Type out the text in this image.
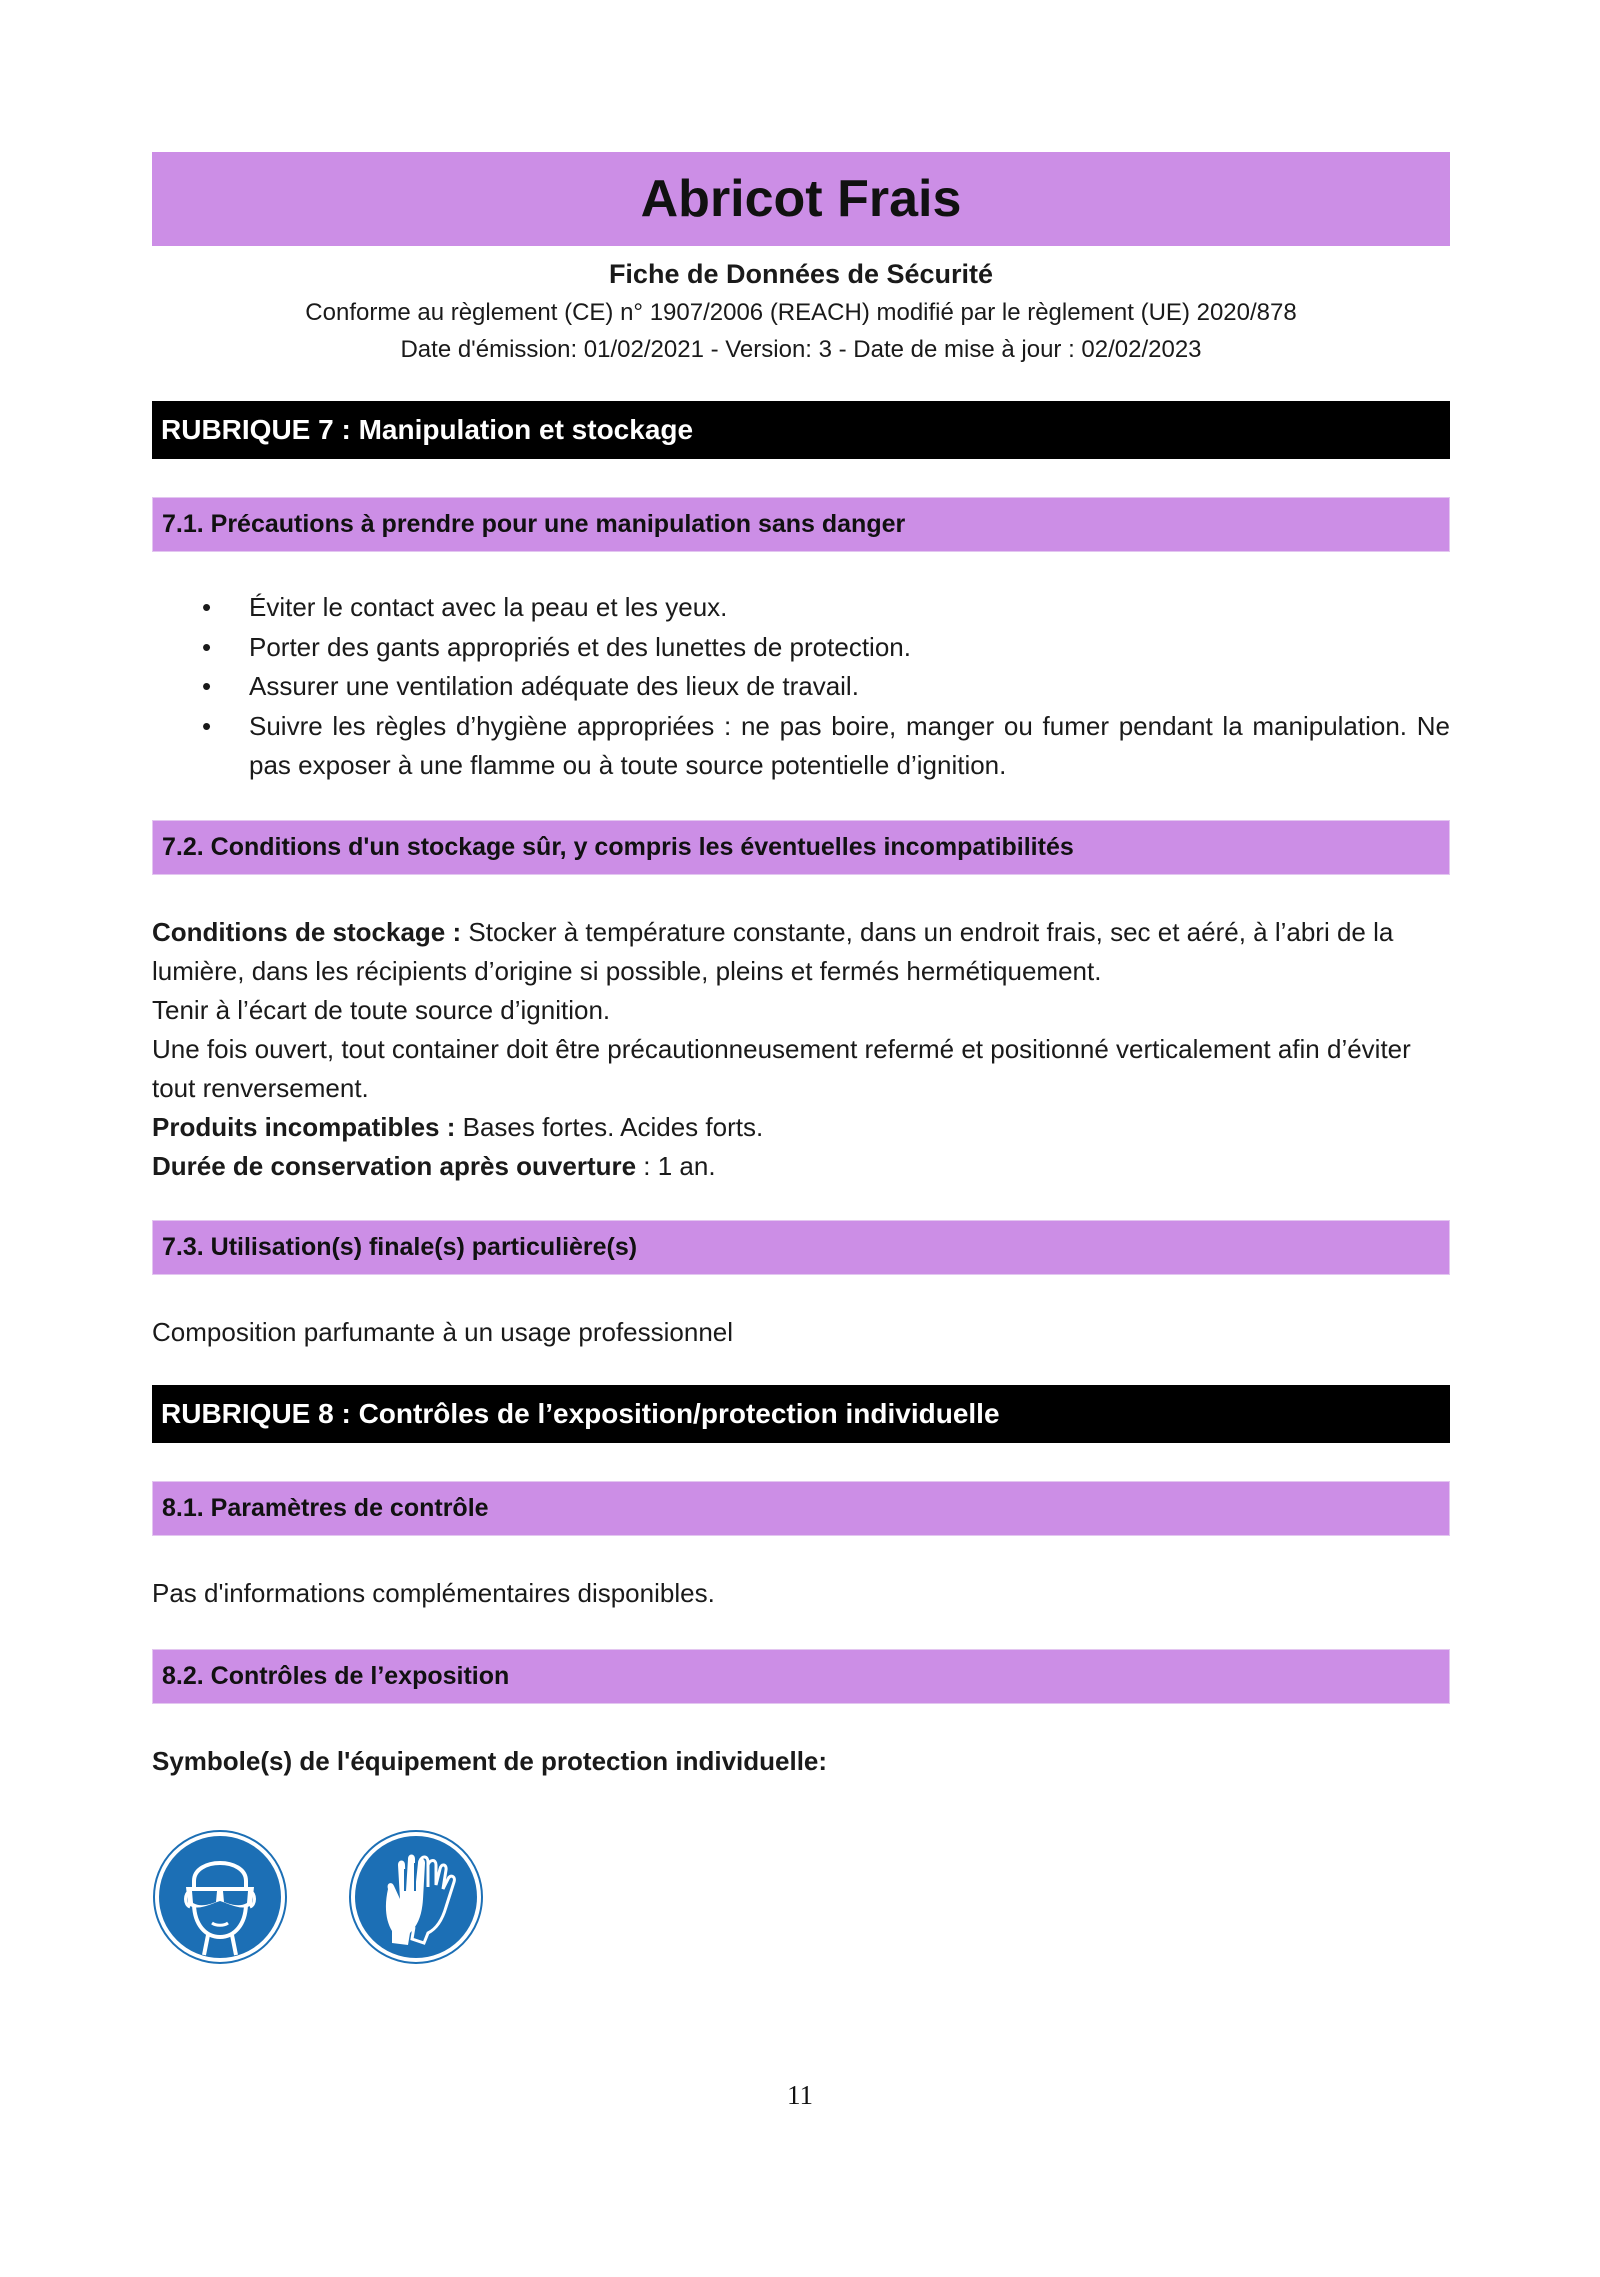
Abricot Frais
Fiche de Données de Sécurité
Conforme au règlement (CE) n° 1907/2006 (REACH) modifié par le règlement (UE) 2020/878
Date d'émission: 01/02/2021 - Version: 3 - Date de mise à jour : 02/02/2023
RUBRIQUE 7 : Manipulation et stockage
7.1. Précautions à prendre pour une manipulation sans danger
• Éviter le contact avec la peau et les yeux.
• Porter des gants appropriés et des lunettes de protection.
• Assurer une ventilation adéquate des lieux de travail.
• Suivre les règles d’hygiène appropriées : ne pas boire, manger ou fumer pendant la manipulation. Ne pas exposer à une flamme ou à toute source potentielle d’ignition.
7.2. Conditions d'un stockage sûr, y compris les éventuelles incompatibilités
Conditions de stockage : Stocker à température constante, dans un endroit frais, sec et aéré, à l’abri de la lumière, dans les récipients d’origine si possible, pleins et fermés hermétiquement.
Tenir à l’écart de toute source d’ignition.
Une fois ouvert, tout container doit être précautionneusement refermé et positionné verticalement afin d’éviter tout renversement.
Produits incompatibles : Bases fortes. Acides forts.
Durée de conservation après ouverture : 1 an.
7.3. Utilisation(s) finale(s) particulière(s)
Composition parfumante à un usage professionnel
RUBRIQUE 8 : Contrôles de l’exposition/protection individuelle
8.1. Paramètres de contrôle
Pas d'informations complémentaires disponibles.
8.2. Contrôles de l’exposition
Symbole(s) de l'équipement de protection individuelle:
11
